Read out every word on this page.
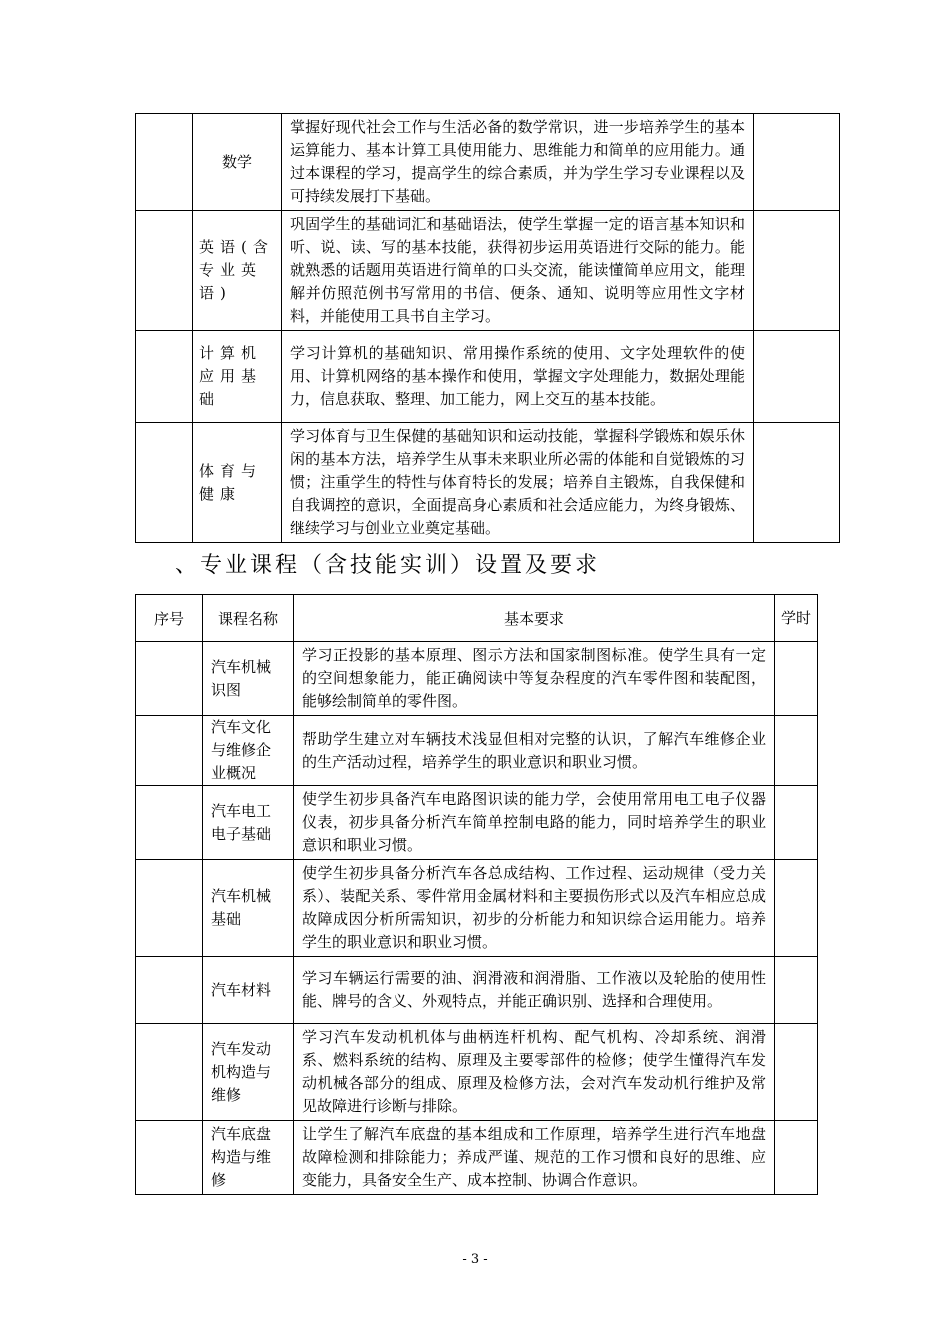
	数学	掌握好现代社会工作与生活必备的数学常识，进一步培养学生的基本运算能力、基本计算工具使用能力、思维能力和简单的应用能力。通过本课程的学习，提高学生的综合素质，并为学生学习专业课程以及可持续发展打下基础。	
	英语(含专业英语)	巩固学生的基础词汇和基础语法，使学生掌握一定的语言基本知识和听、说、读、写的基本技能，获得初步运用英语进行交际的能力。能就熟悉的话题用英语进行简单的口头交流，能读懂简单应用文，能理解并仿照范例书写常用的书信、便条、通知、说明等应用性文字材料，并能使用工具书自主学习。	
	计算机应用基础	学习计算机的基础知识、常用操作系统的使用、文字处理软件的使用、计算机网络的基本操作和使用，掌握文字处理能力，数据处理能力，信息获取、整理、加工能力，网上交互的基本技能。	
	体育与健康	学习体育与卫生保健的基础知识和运动技能，掌握科学锻炼和娱乐休闲的基本方法，培养学生从事未来职业所必需的体能和自觉锻炼的习惯；注重学生的特性与体育特长的发展；培养自主锻炼，自我保健和自我调控的意识，全面提高身心素质和社会适应能力，为终身锻炼、继续学习与创业立业奠定基础。	
、专业课程（含技能实训）设置及要求
序号	课程名称	基本要求	学时
	汽车机械识图	学习正投影的基本原理、图示方法和国家制图标准。使学生具有一定的空间想象能力，能正确阅读中等复杂程度的汽车零件图和装配图，能够绘制简单的零件图。	
	汽车文化与维修企业概况	帮助学生建立对车辆技术浅显但相对完整的认识，了解汽车维修企业的生产活动过程，培养学生的职业意识和职业习惯。	
	汽车电工电子基础	使学生初步具备汽车电路图识读的能力学，会使用常用电工电子仪器仪表，初步具备分析汽车简单控制电路的能力，同时培养学生的职业意识和职业习惯。	
	汽车机械基础	使学生初步具备分析汽车各总成结构、工作过程、运动规律（受力关系）、装配关系、零件常用金属材料和主要损伤形式以及汽车相应总成故障成因分析所需知识，初步的分析能力和知识综合运用能力。培养学生的职业意识和职业习惯。	
	汽车材料	学习车辆运行需要的油、润滑液和润滑脂、工作液以及轮胎的使用性能、牌号的含义、外观特点，并能正确识别、选择和合理使用。	
	汽车发动机构造与维修	学习汽车发动机机体与曲柄连杆机构、配气机构、冷却系统、润滑系、燃料系统的结构、原理及主要零部件的检修；使学生懂得汽车发动机械各部分的组成、原理及检修方法，会对汽车发动机行维护及常见故障进行诊断与排除。	
	汽车底盘构造与维修	让学生了解汽车底盘的基本组成和工作原理，培养学生进行汽车地盘 故障检测和排除能力；养成严谨、规范的工作习惯和良好的思维、应变能力，具备安全生产、成本控制、协调合作意识。	
- 3 -
